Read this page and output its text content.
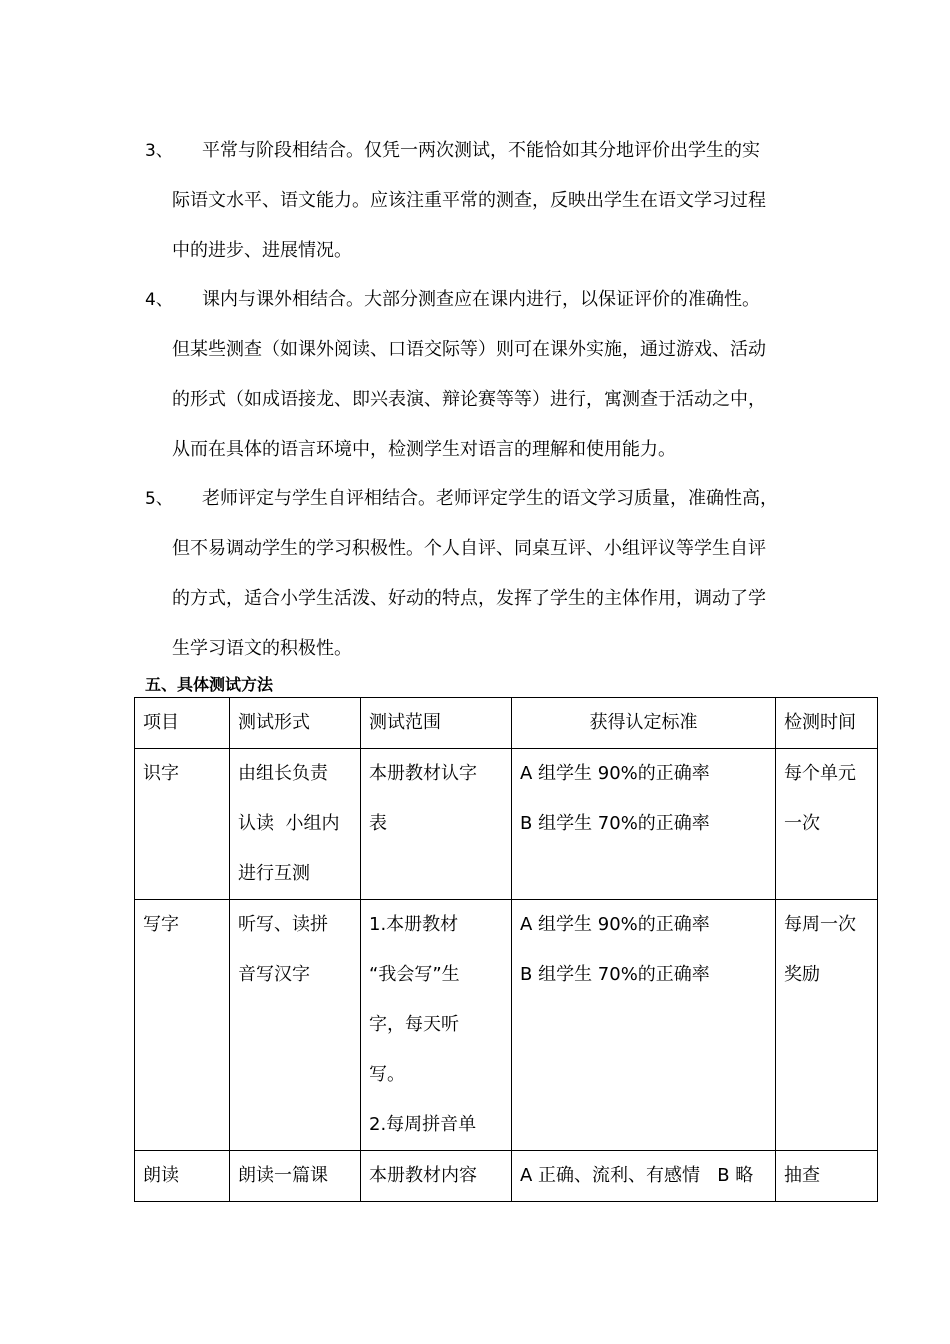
3、	平常与阶段相结合。仅凭一两次测试，不能恰如其分地评价出学生的实
际语文水平、语文能力。应该注重平常的测查，反映出学生在语文学习过程
中的进步、进展情况。
4、	课内与课外相结合。大部分测查应在课内进行，以保证评价的准确性。
但某些测查（如课外阅读、口语交际等）则可在课外实施，通过游戏、活动
的形式（如成语接龙、即兴表演、辩论赛等等）进行，寓测查于活动之中，
从而在具体的语言环境中，检测学生对语言的理解和使用能力。
5、	老师评定与学生自评相结合。老师评定学生的语文学习质量，准确性高，
但不易调动学生的学习积极性。个人自评、同桌互评、小组评议等学生自评
的方式，适合小学生活泼、好动的特点，发挥了学生的主体作用，调动了学
生学习语文的积极性。
五、具体测试方法
项目	测试形式	测试范围	获得认定标准	检测时间

识字	由组长负责
认读  小组内
进行互测	本册教材认字
表	A 组学生 90%的正确率
B 组学生 70%的正确率	每个单元
一次

写字	听写、读拼
音写汉字	1.本册教材
“我会写”生
字，每天听
写。
2.每周拼音单	A 组学生 90%的正确率
B 组学生 70%的正确率	每周一次
奖励

朗读	朗读一篇课	本册教材内容	A 正确、流利、有感情   B 略	抽查
